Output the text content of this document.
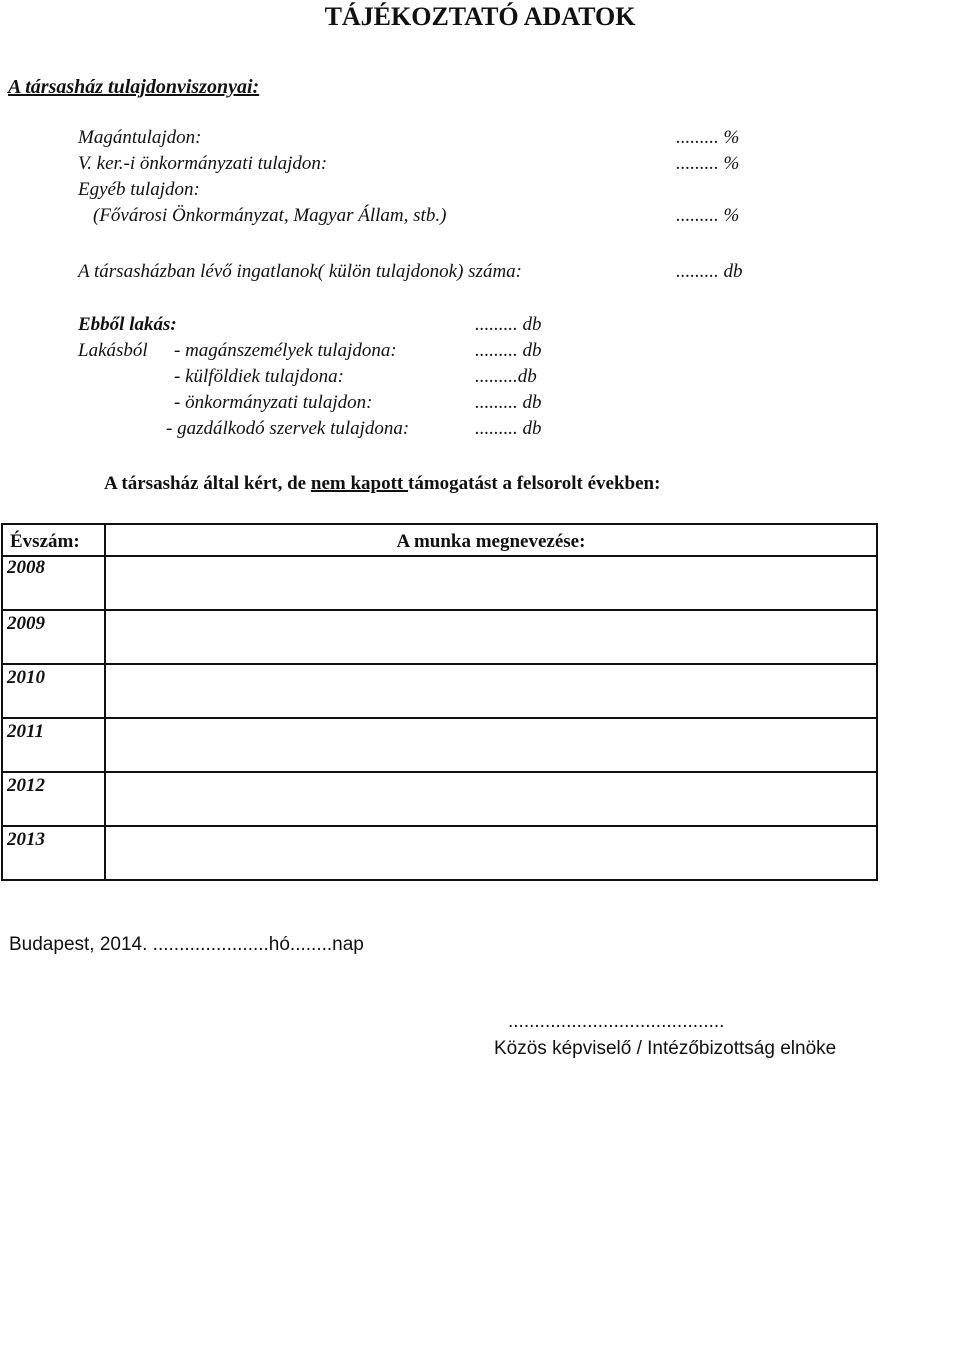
TÁJÉKOZTATÓ ADATOK
A társasház tulajdonviszonyai:
Magántulajdon:	......... %
V. ker.-i önkormányzati tulajdon:	......... %
Egyéb tulajdon:
(Fővárosi Önkormányzat, Magyar Állam, stb.)	......... %
A társasházban lévő ingatlanok( külön tulajdonok) száma:	......... db
Ebből lakás:	......... db
Lakásból - magánszemélyek tulajdona:	......... db
- külföldiek tulajdona:	.........db
- önkormányzati tulajdon:	......... db
- gazdálkodó szervek tulajdona:	......... db
A társasház által kért, de nem kapott támogatást a felsorolt években:
Évszám:	A munka megnevezése:

2008	

2009	

2010	

2011	

2012	

2013	

Budapest, 2014. ......................hó........nap
.........................................
Közös képviselő / Intézőbizottság elnöke
